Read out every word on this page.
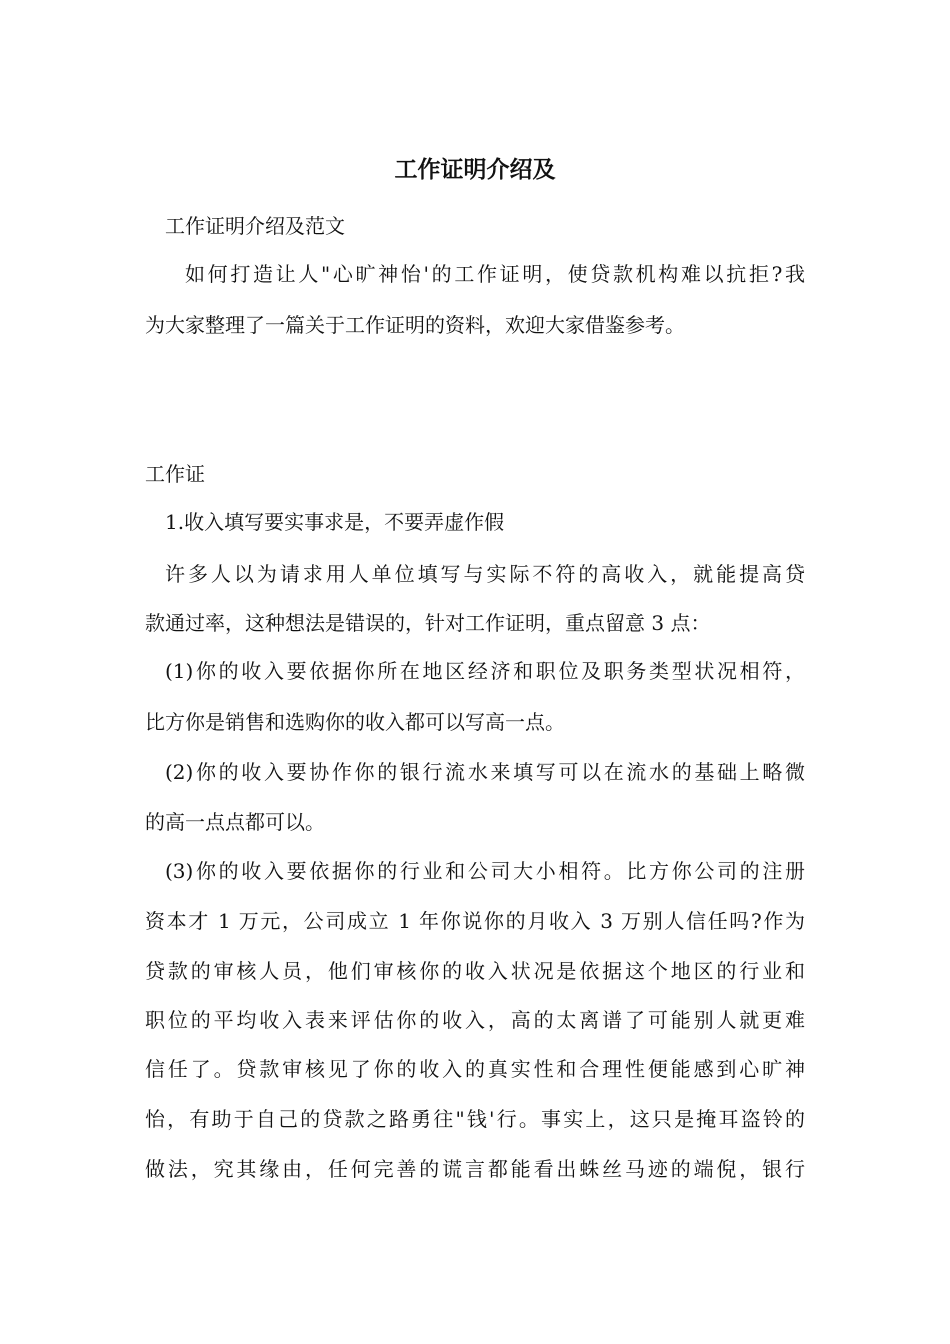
工作证明介绍及

工作证明介绍及范文

如何打造让人"心旷神怡'的工作证明，使贷款机构难以抗拒?我

为大家整理了一篇关于工作证明的资料，欢迎大家借鉴参考。

工作证

1.收入填写要实事求是，不要弄虚作假

许多人以为请求用人单位填写与实际不符的高收入，就能提高贷

款通过率，这种想法是错误的，针对工作证明，重点留意 3 点：

(1)你的收入要依据你所在地区经济和职位及职务类型状况相符，

比方你是销售和选购你的收入都可以写高一点。

(2)你的收入要协作你的银行流水来填写可以在流水的基础上略微

的高一点点都可以。

(3)你的收入要依据你的行业和公司大小相符。比方你公司的注册

资本才 1 万元，公司成立 1 年你说你的月收入 3 万别人信任吗?作为

贷款的审核人员，他们审核你的收入状况是依据这个地区的行业和

职位的平均收入表来评估你的收入，高的太离谱了可能别人就更难

信任了。贷款审核见了你的收入的真实性和合理性便能感到心旷神

怡，有助于自己的贷款之路勇往"钱'行。事实上，这只是掩耳盗铃的

做法，究其缘由，任何完善的谎言都能看出蛛丝马迹的端倪，银行
